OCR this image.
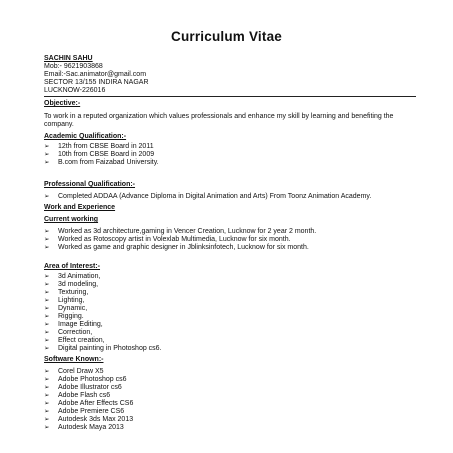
Curriculum Vitae
SACHIN SAHU
Mob:- 9621903868
Email:-Sac.animator@gmail.com
SECTOR 13/155 INDIRA NAGAR
LUCKNOW-226016
Objective:-
To work in a reputed organization which values professionals and enhance my skill by learning and benefiting the company.
Academic Qualification:-
➢ 12th from CBSE Board in 2011
➢ 10th from CBSE Board in 2009
➢ B.com from Faizabad University.
Professional Qualification:-
➢ Completed ADDAA (Advance Diploma in Digital Animation and Arts) From Toonz Animation Academy.
Work and Experience
Current working
➢ Worked as 3d architecture,gaming in Vencer Creation, Lucknow for 2 year 2 month.
➢ Worked as Rotoscopy artist in Volexlab Multimedia, Lucknow for six month.
➢ Worked as game and graphic designer in Jblinksinfotech, Lucknow for six month.
Area of Interest:-
➢ 3d Animation,
➢ 3d modeling,
➢ Texturing,
➢ Lighting,
➢ Dynamic,
➢ Rigging.
➢ Image Editing,
➢ Correction,
➢ Effect creation,
➢ Digital painting in Photoshop cs6.
Software Known:-
➢ Corel Draw X5
➢ Adobe Photoshop cs6
➢ Adobe Illustrator cs6
➢ Adobe Flash cs6
➢ Adobe After Effects CS6
➢ Adobe Premiere CS6
➢ Autodesk 3ds Max 2013
➢ Autodesk Maya 2013
